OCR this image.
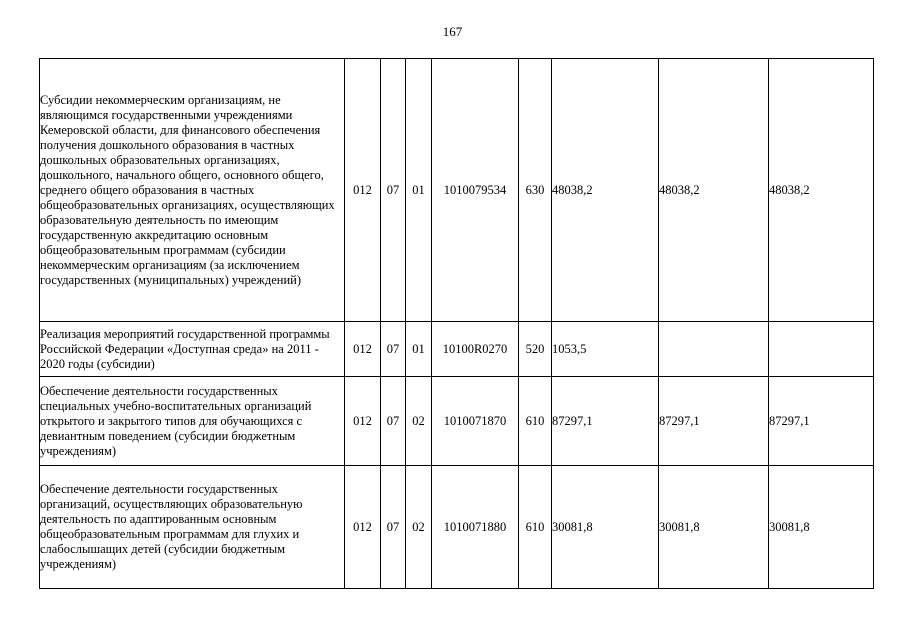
167
Субсидии некоммерческим организациям, не являющимся государственными учреждениями Кемеровской области, для финансового обеспечения получения дошкольного образования в частных дошкольных образовательных организациях, дошкольного, начального общего, основного общего, среднего общего образования в частных общеобразовательных организациях, осуществляющих образовательную деятельность по имеющим государственную аккредитацию основным общеобразовательным программам (субсидии некоммерческим организациям (за исключением государственных (муниципальных) учреждений)	012	07	01	1010079534	630	48038,2	48038,2	48038,2
Реализация мероприятий государственной программы Российской Федерации «Доступная среда» на 2011 - 2020 годы (субсидии)	012	07	01	10100R0270	520	1053,5		
Обеспечение деятельности государственных специальных учебно-воспитательных организаций открытого и закрытого типов для обучающихся с девиантным поведением (субсидии бюджетным учреждениям)	012	07	02	1010071870	610	87297,1	87297,1	87297,1
Обеспечение деятельности государственных организаций, осуществляющих образовательную деятельность по адаптированным основным общеобразовательным программам для глухих и слабослышащих детей (субсидии бюджетным учреждениям)	012	07	02	1010071880	610	30081,8	30081,8	30081,8
